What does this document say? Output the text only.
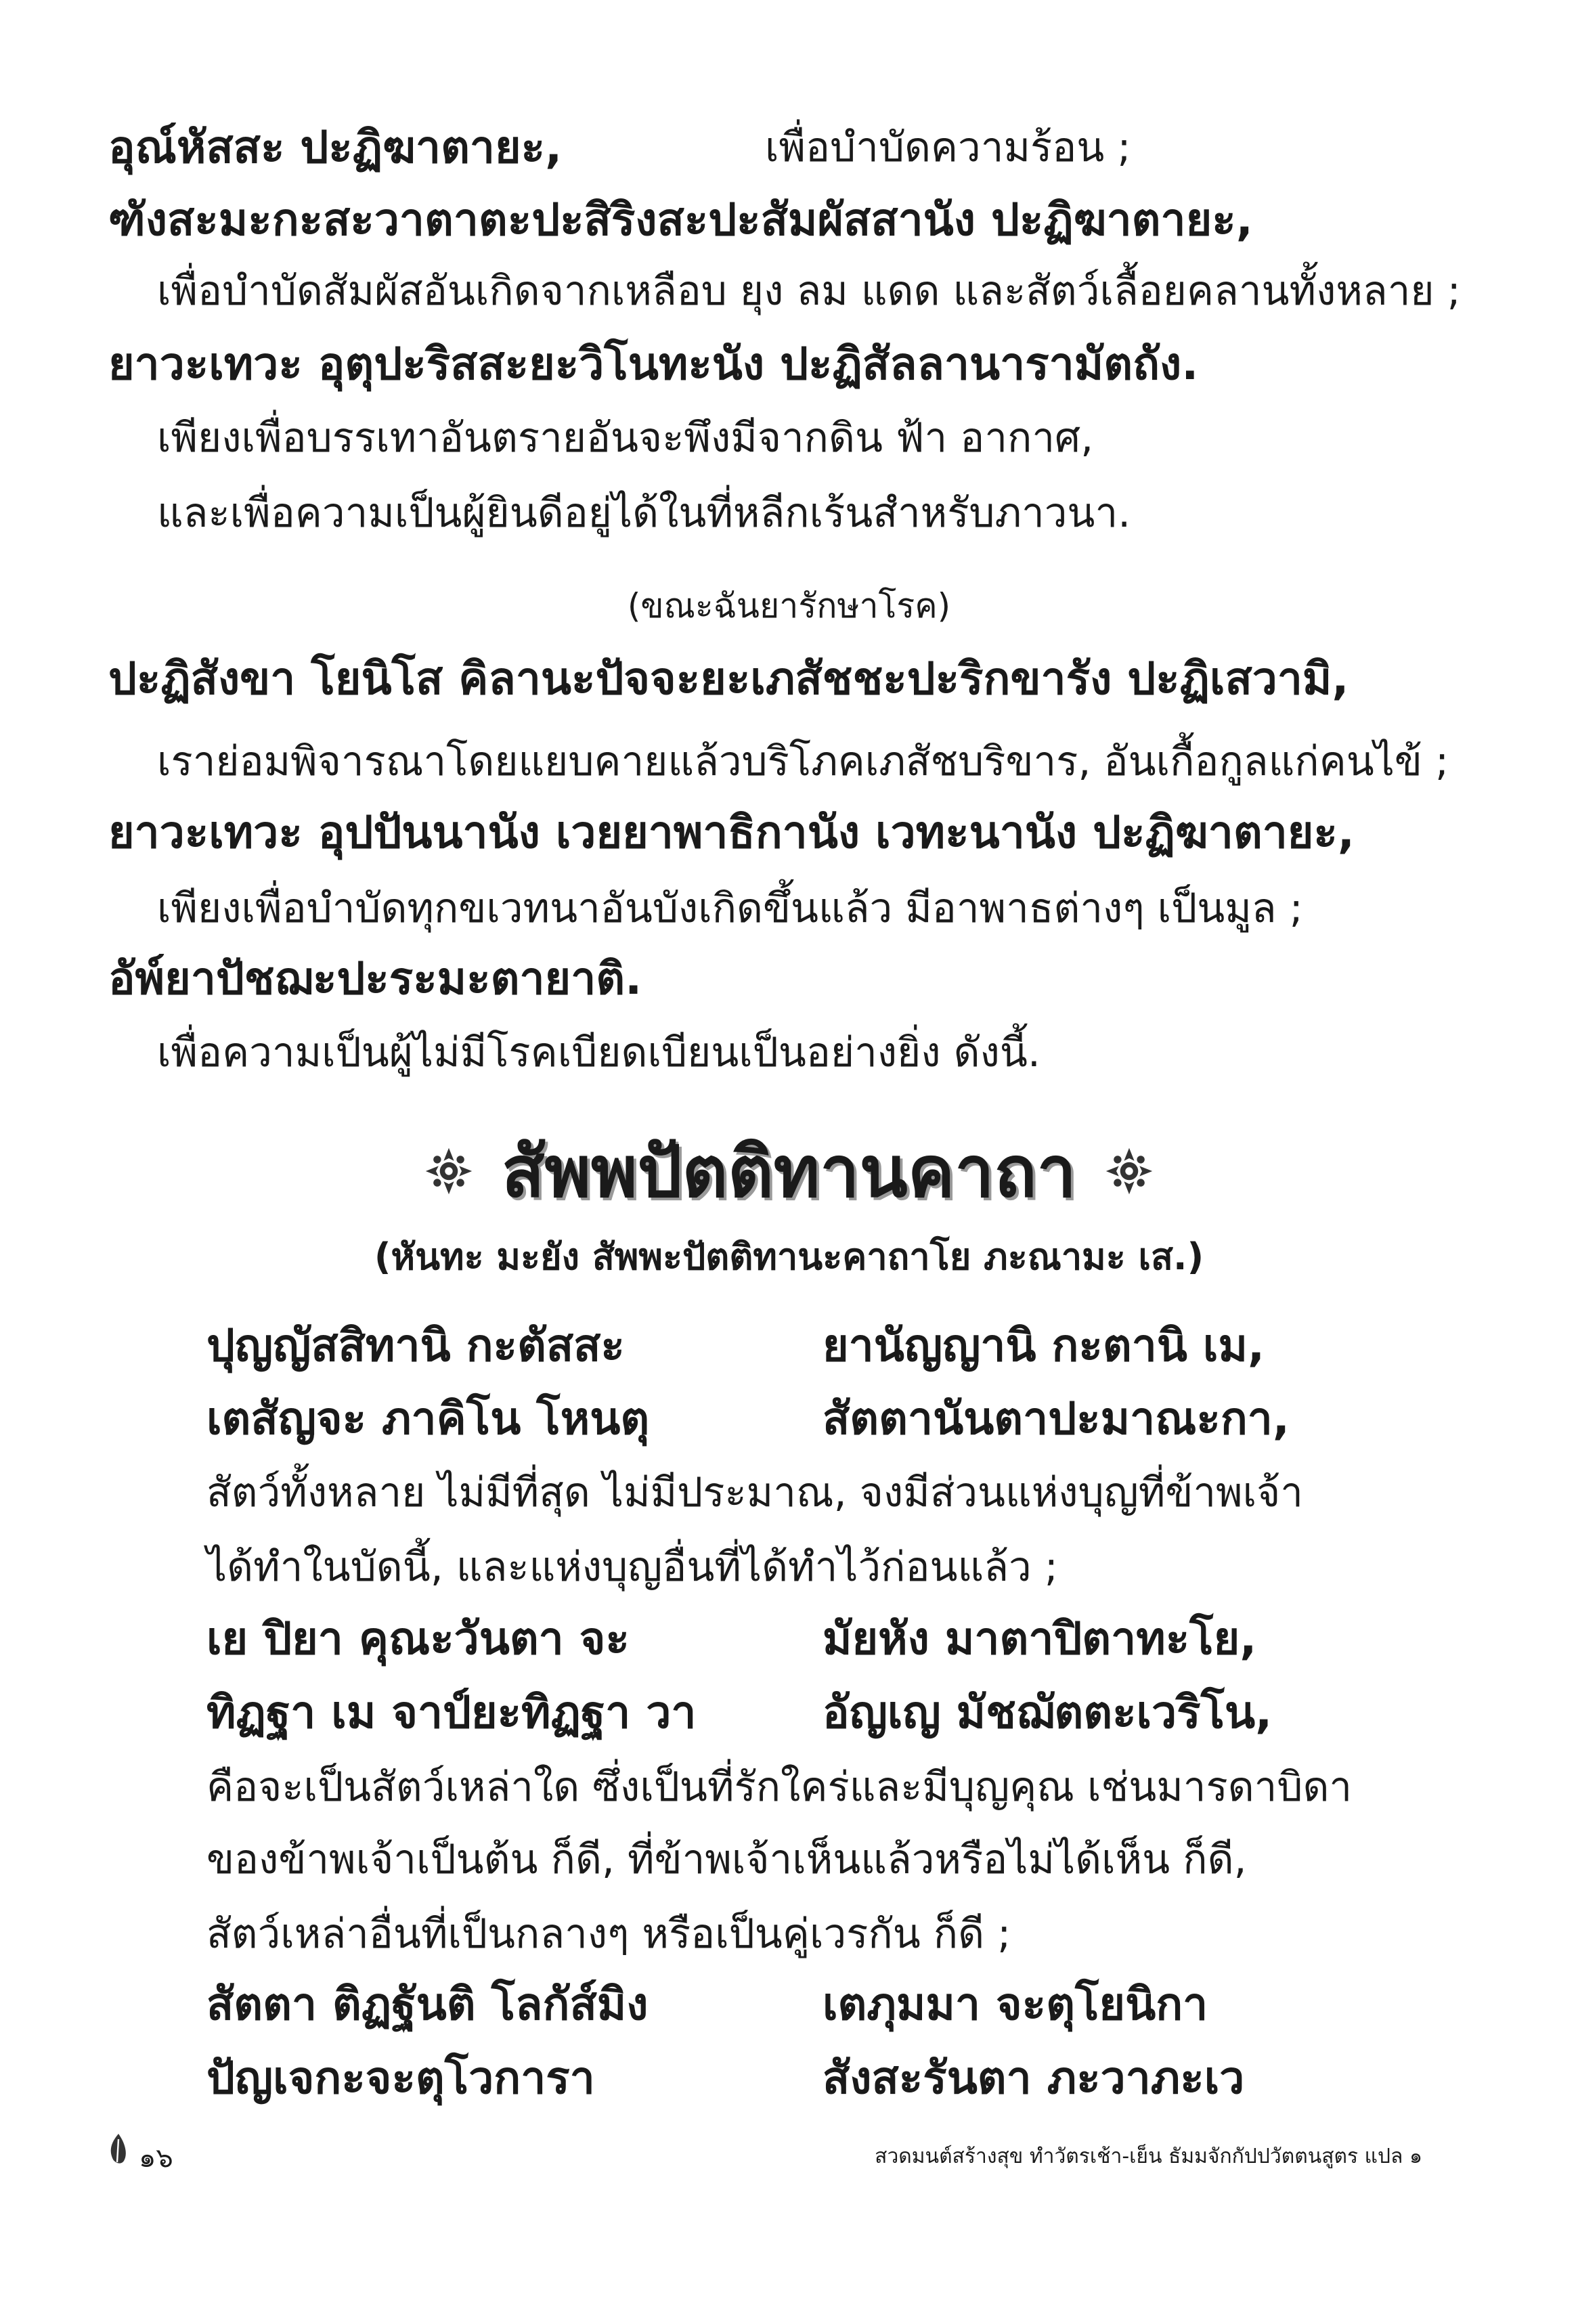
อุณ์หัสสะ ปะฏิฆาตายะ,	เพื่อบำบัดความร้อน ;
ฑังสะมะกะสะวาตาตะปะสิริงสะปะสัมผัสสานัง ปะฏิฆาตายะ,
เพื่อบำบัดสัมผัสอันเกิดจากเหลือบ ยุง ลม แดด และสัตว์เลื้อยคลานทั้งหลาย ;
ยาวะเทวะ อุตุปะริสสะยะวิโนทะนัง ปะฏิสัลลานารามัตถัง.
เพียงเพื่อบรรเทาอันตรายอันจะพึงมีจากดิน ฟ้า อากาศ,
และเพื่อความเป็นผู้ยินดีอยู่ได้ในที่หลีกเร้นสำหรับภาวนา.
(ขณะฉันยารักษาโรค)
ปะฏิสังขา โยนิโส คิลานะปัจจะยะเภสัชชะปะริกขารัง ปะฏิเสวามิ,
เราย่อมพิจารณาโดยแยบคายแล้วบริโภคเภสัชบริขาร, อันเกื้อกูลแก่คนไข้ ;
ยาวะเทวะ อุปปันนานัง เวยยาพาธิกานัง เวทะนานัง ปะฏิฆาตายะ,
เพียงเพื่อบำบัดทุกขเวทนาอันบังเกิดขึ้นแล้ว มีอาพาธต่างๆ เป็นมูล ;
อัพ์ยาปัชฌะปะระมะตายาติ.
เพื่อความเป็นผู้ไม่มีโรคเบียดเบียนเป็นอย่างยิ่ง ดังนี้.
สัพพปัตติทานคาถา
(หันทะ มะยัง สัพพะปัตติทานะคาถาโย ภะณามะ เส.)
ปุญญัสสิทานิ กะตัสสะ	ยานัญญานิ กะตานิ เม,
เตสัญจะ ภาคิโน โหนตุ	สัตตานันตาปะมาณะกา,
สัตว์ทั้งหลาย ไม่มีที่สุด ไม่มีประมาณ, จงมีส่วนแห่งบุญที่ข้าพเจ้า
ได้ทำในบัดนี้, และแห่งบุญอื่นที่ได้ทำไว้ก่อนแล้ว ;
เย ปิยา คุณะวันตา จะ	มัยหัง มาตาปิตาทะโย,
ทิฏฐา เม จาป์ยะทิฏฐา วา	อัญเญ มัชฌัตตะเวริโน,
คือจะเป็นสัตว์เหล่าใด ซึ่งเป็นที่รักใคร่และมีบุญคุณ เช่นมารดาบิดา
ของข้าพเจ้าเป็นต้น ก็ดี, ที่ข้าพเจ้าเห็นแล้วหรือไม่ได้เห็น ก็ดี,
สัตว์เหล่าอื่นที่เป็นกลางๆ หรือเป็นคู่เวรกัน ก็ดี ;
สัตตา ติฏฐันติ โลกัส์มิง	เตภุมมา จะตุโยนิกา
ปัญเจกะจะตุโวการา	สังสะรันตา ภะวาภะเว
๑๖	สวดมนต์สร้างสุข ทำวัตรเช้า-เย็น ธัมมจักกัปปวัตตนสูตร แปล ๑
